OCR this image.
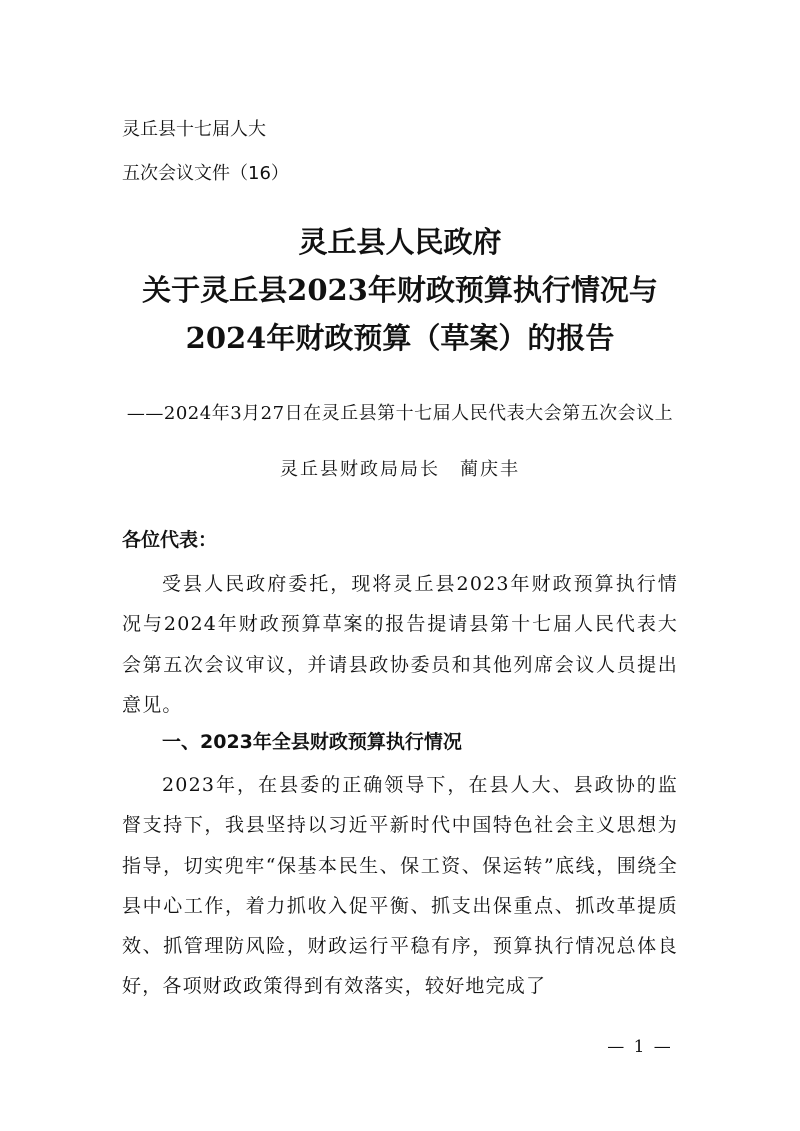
灵丘县十七届人大
五次会议文件（16）
灵丘县人民政府
关于灵丘县2023年财政预算执行情况与
2024年财政预算（草案）的报告
——2024年3月27日在灵丘县第十七届人民代表大会第五次会议上
灵丘县财政局局长　蔺庆丰
各位代表：

受县人民政府委托，现将灵丘县2023年财政预算执行情况与2024年财政预算草案的报告提请县第十七届人民代表大会第五次会议审议，并请县政协委员和其他列席会议人员提出意见。

一、2023年全县财政预算执行情况

2023年，在县委的正确领导下，在县人大、县政协的监督支持下，我县坚持以习近平新时代中国特色社会主义思想为指导，切实兜牢“保基本民生、保工资、保运转”底线，围绕全县中心工作，着力抓收入促平衡、抓支出保重点、抓改革提质效、抓管理防风险，财政运行平稳有序，预算执行情况总体良好，各项财政政策得到有效落实，较好地完成了

— 1 —
